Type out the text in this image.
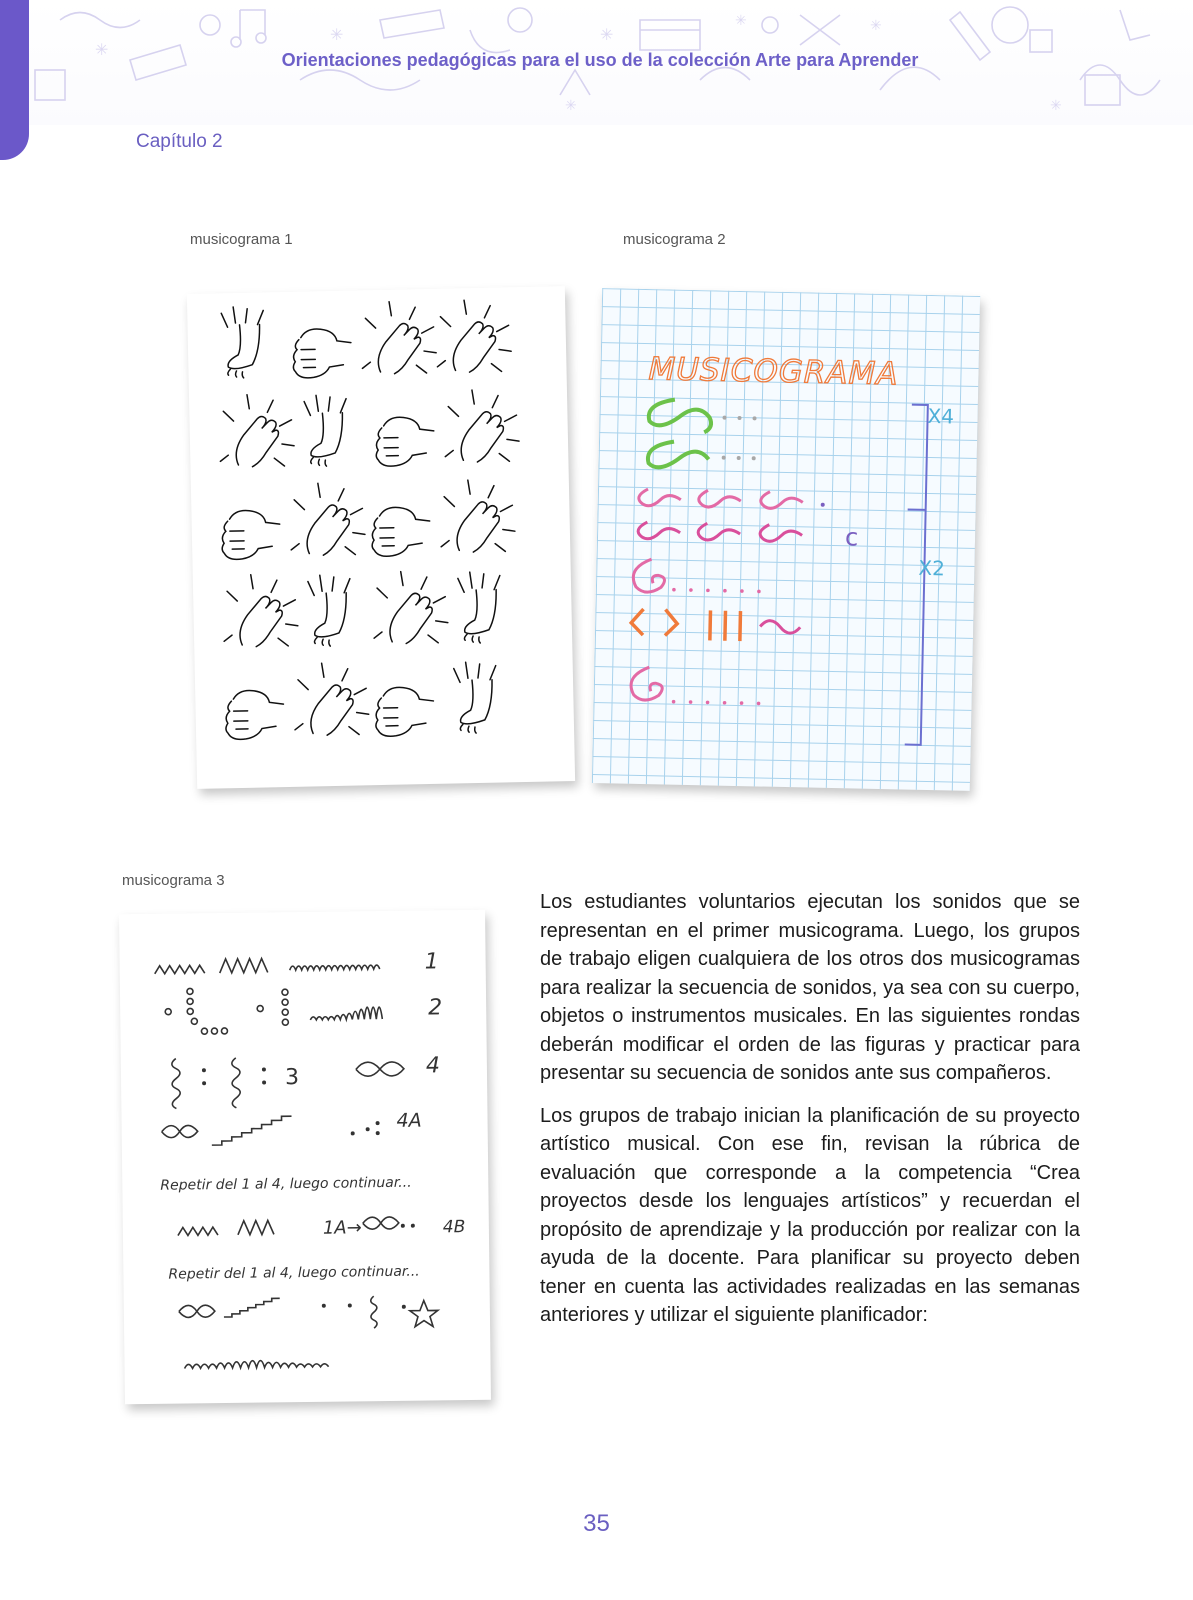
✳
✳	✳
✳	✳
✳	✳
Orientaciones pedagógicas para el uso de la colección Arte para Aprender
Capítulo 2
musicograma 1	musicograma 2
MUSICOGRAMA
c
X4
X2
musicograma 3
1
2
3	4
4A
Repetir del 1 al 4, luego continuar...
1A→	4B
Repetir del 1 al 4, luego continuar...

Los estudiantes voluntarios ejecutan los sonidos que se representan en el primer musicograma. Luego, los grupos de trabajo eligen cualquiera de los otros dos musicogramas para realizar la secuencia de sonidos, ya sea con su cuerpo, objetos o instrumentos musicales. En las siguientes rondas deberán modificar el orden de las figuras y practicar para presentar su secuencia de sonidos ante sus compañeros.

Los grupos de trabajo inician la planificación de su proyecto artístico musical. Con ese fin, revisan la rúbrica de evaluación que corresponde a la competencia “Crea proyectos desde los lenguajes artísticos” y recuerdan el propósito de aprendizaje y la producción por realizar con la ayuda de la docente. Para planificar su proyecto deben tener en cuenta las actividades realizadas en las semanas anteriores y utilizar el siguiente planificador:

35
